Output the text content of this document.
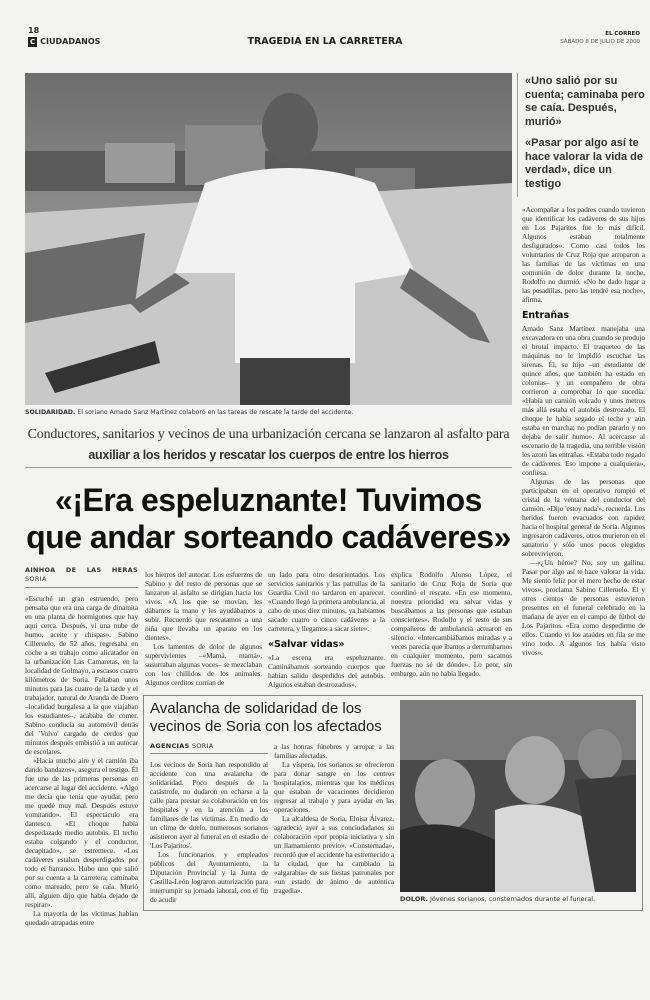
18
C CIUDADANOS	TRAGEDIA EN LA CARRETERA
EL CORREO
SÁBADO 8 DE JULIO DE 2000
SOLIDARIDAD. El soriano Amado Sanz Martínez colaboró en las tareas de rescate la tarde del accidente.
«Uno salió por su cuenta; caminaba pero se caía. Después, murió»
«Pasar por algo así te hace valorar la vida de verdad», dice un testigo

«Acompañar a los padres cuando tuvieron que identificar los cadáveres de sus hijos en Los Pajaritos fue lo más difícil. Algunos estaban totalmente desfigurados». Como casi todos los voluntarios de Cruz Roja que arroparon a las familias de las víctimas en una comunión de dolor durante la noche, Rodolfo no durmió. «No he dado lugar a las pesadillas, pero las tendré esa noche», afirma.

Entrañas

Amado Sanz Martínez manejaba una excavadora en una obra cuando se produjo el brutal impacto. El traqueteo de las máquinas no le impidió escuchar las sirenas. Él, su hijo –un estudiante de quince años, que también ha estado en colonias– y un compañero de obra corrieron a comprobar lo que sucedía. «Había un camión volcado y unos metros más allá estaba el autobús destrozado. El choque le había segado el techo y aún estaba en marcha; no podían pararlo y no dejaba de salir humo». Al acercarse al escenario de la tragedia, una terrible visión les azotó las entrañas. «Estaba todo regado de cadáveres. Eso impone a cualquiera», confiesa.

Algunas de las personas que participaban en el operativo rompió el cristal de la ventana del conductor del camión. «Dijo 'estoy nada'», recuerda. Los heridos fueron evacuados con rapidez hacia el hospital general de Soria. Algunos ingresaron cadáveres, otros murieron en el sanatorio y sólo unos pocos elegidos sobrevivieron.

—«¿Un héroe? No, soy un gallina. Pasar por algo así te hace valorar la vida. Me siento feliz por el mero hecho de estar vivos», proclama Sabino Cilleruelo. Él y otros cientos de personas estuvieron presentes en el funeral celebrado en la mañana de ayer en el campo de fútbol de Los Pajaritos. «Era como despedirme de ellos. Cuando vi los ataúdes en fila se me vino todo. A algunos los había visto vivos».

Conductores, sanitarios y vecinos de una urbanización cercana se lanzaron al asfalto para auxiliar a los heridos y rescatar los cuerpos de entre los hierros
«¡Era espeluznante! Tuvimos que andar sorteando cadáveres»
AINHOA DE LAS HERAS SORIA

«Escuché un gran estruendo, pero pensaba que era una carga de dinamita en una planta de hormigones que hay aquí cerca. Después, vi una nube de humo, aceite y chispas». Sabino Cilleruelo, de 52 años, regresaba en coche a su trabajo como alicatador en la urbanización Las Camaretas, en la localidad de Golmayo, a escasos cuatro kilómetros de Soria. Faltaban unos minutos para las cuatro de la tarde y el trabajador, natural de Aranda de Duero –localidad burgalesa a la que viajaban los estudiantes–, acababa de comer. Sabino conducía su automóvil detrás del 'Volvo' cargado de cerdos que minutos después embistió a un autocar de escolares.

«Hacía mucho aire y el camión iba dando bandazos», asegura el testigo. Él fue uno de las primeras personas en acercarse al lugar del accidente. «Algo me decía que tenía que ayudar, pero me quedé muy mal. Después estuve vomitando». El espectáculo era dantesco. «El choque había despedazado medio autobús. El techo estaba colgando y el conductor, decapitado», se estremece. «Los cadáveres estaban desperdigados por todo el barranco. Hubo uno que salió por su cuenta a la carretera; caminaba como mareado, pero se caía. Murió allí, alguien dijo que había dejado de respirar».

La mayoría de las víctimas habían quedado atrapadas entre

los hierros del autocar. Los esfuerzos de Sabino y del resto de personas que se lanzaron al asfalto se dirigían hacia los vivos. «A los que se movían, les dábamos la mano y les ayudábamos a subir. Recuerdo que rescatamos a una niña que llevaba un aparato en los dientes».

Los lamentos de dolor de algunos supervivientes –«Mamá, mamá», susurraban algunas voces– se mezclaban con los chillidos de los animales. Algunos cerditos corrían de

un lado para otro desorientados. Los servicios sanitarios y las patrullas de la Guardia Civil no tardaron en aparecer. «Cuando llegó la primera ambulancia, al cabo de unos diez minutos, ya habíamos sacado cuatro o cinco cadáveres a la carretera, y llegamos a sacar siete».

«Salvar vidas»

«La escena era espeluznante. Caminábamos sorteando cuerpos que habían salido despedidos del autobús. Algunos estaban destrozados»,

explica Rodolfo Alonso López, el sanitario de Cruz Roja de Soria que coordinó el rescate. «En ese momento, nuestra prioridad era salvar vidas y buscábamos a las personas que estaban conscientes». Rodolfo y el resto de sus compañeros de ambulancia actuaron en silencio. «Intercambiábamos miradas y a veces parecía que íbamos a derrumbarnos en cualquier momento, pero sacamos fuerzas no sé de dónde». Lo peor, sin embargo, aún no había llegado.

Avalancha de solidaridad de los vecinos de Soria con los afectados
AGENCIAS SORIA

Los vecinos de Soria han respondido al accidente con una avalancha de solidaridad. Poco después de la catástrofe, no dudaron en echarse a la calle para prestar su colaboración en los hospitales y en la atención a los familiares de las víctimas. En medio de un clima de duelo, numerosos sorianos asistieron ayer al funeral en el estadio de 'Los Pajaritos'.

Los funcionarios y empleados públicos del Ayuntamiento, la Diputación Provincial y la Junta de Castilla-León lograron autorización para interrumpir su jornada laboral, con el fin de acudir

a las honras fúnebres y arropar a las familias afectadas.

La víspera, los sorianos se ofrecieron para donar sangre en los centros hospitalarios, mientras que los médicos que estaban de vacaciones decidieron regresar al trabajo y para ayudar en las operaciones.

La alcaldesa de Soria, Eloísa Álvarez, agradeció ayer a sus conciudadanos su colaboración «por propia iniciativa y sin un llamamiento previo». «Consternada», recordó que el accidente ha estremecido a la ciudad, que ha cambiado la «algarabía» de sus fiestas patronales por «un estado de ánimo de auténtica tragedia».

DOLOR. Jóvenes sorianos, consternados durante el funeral.
